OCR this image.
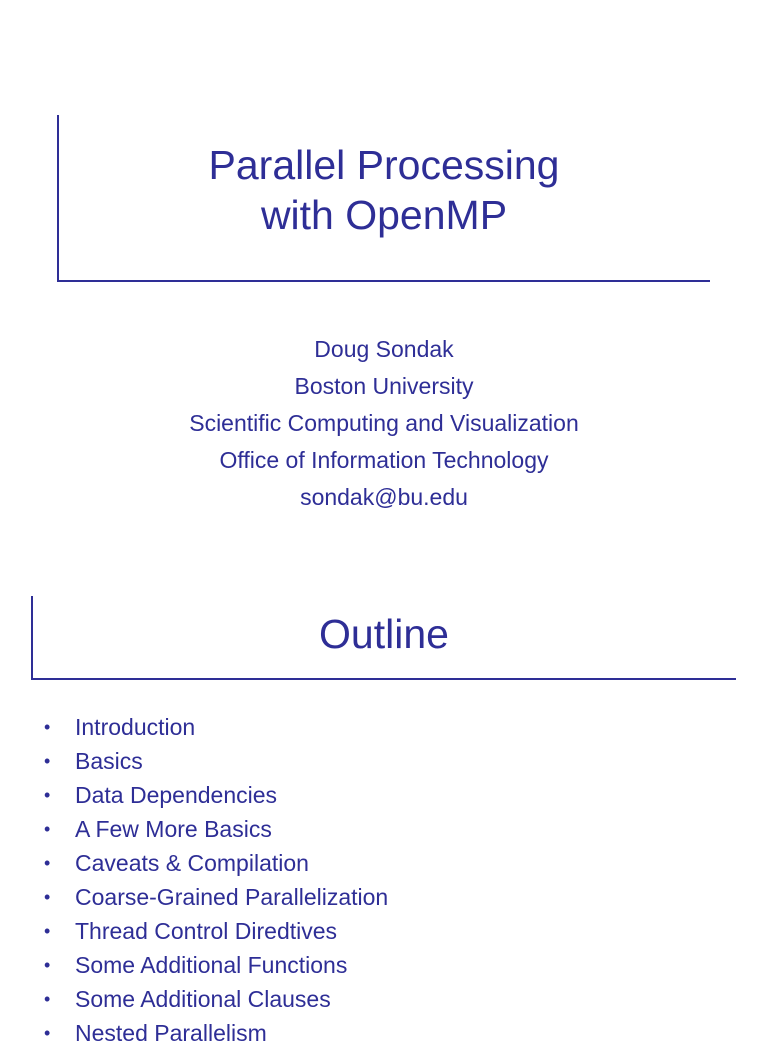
Parallel Processing
with OpenMP
Doug Sondak
Boston University
Scientific Computing and Visualization
Office of Information Technology
sondak@bu.edu
Outline
• Introduction
• Basics
• Data Dependencies
• A Few More Basics
• Caveats & Compilation
• Coarse-Grained Parallelization
• Thread Control Diredtives
• Some Additional Functions
• Some Additional Clauses
• Nested Parallelism
